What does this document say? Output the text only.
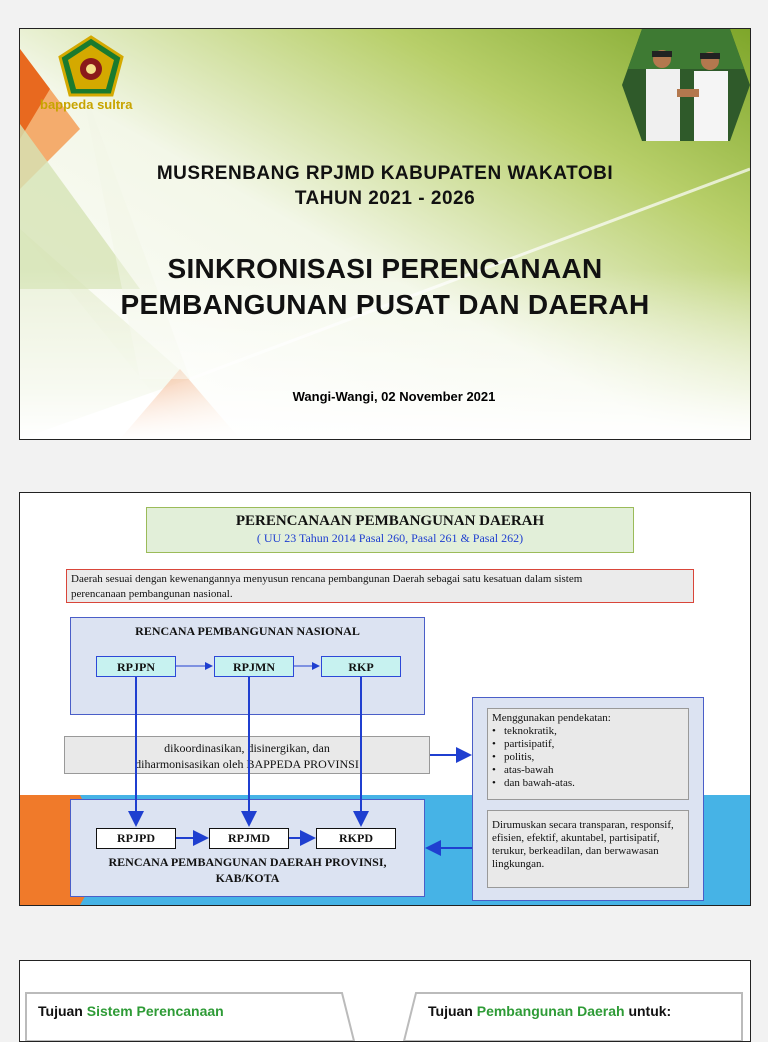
bappeda sultra
MUSRENBANG RPJMD KABUPATEN WAKATOBI
TAHUN 2021 - 2026
SINKRONISASI PERENCANAAN
PEMBANGUNAN PUSAT DAN DAERAH
Wangi-Wangi, 02 November 2021
PERENCANAAN PEMBANGUNAN DAERAH
( UU 23 Tahun 2014 Pasal 260, Pasal 261 & Pasal 262)
Daerah sesuai dengan kewenangannya menyusun rencana pembangunan Daerah sebagai satu kesatuan dalam sistem
perencanaan pembangunan nasional.
RENCANA PEMBANGUNAN NASIONAL
RPJPN	RPJMN	RKP
dikoordinasikan, disinergikan, dan
diharmonisasikan oleh BAPPEDA PROVINSI
RENCANA PEMBANGUNAN DAERAH PROVINSI,
KAB/KOTA
RPJPD	RPJMD	RKPD
Menggunakan pendekatan:
• teknokratik,
• partisipatif,
• politis,
• atas-bawah
• dan bawah-atas.
Dirumuskan secara transparan, responsif, efisien, efektif, akuntabel, partisipatif, terukur, berkeadilan, dan berwawasan lingkungan.
Tujuan Sistem Perencanaan	Tujuan Pembangunan Daerah untuk:
